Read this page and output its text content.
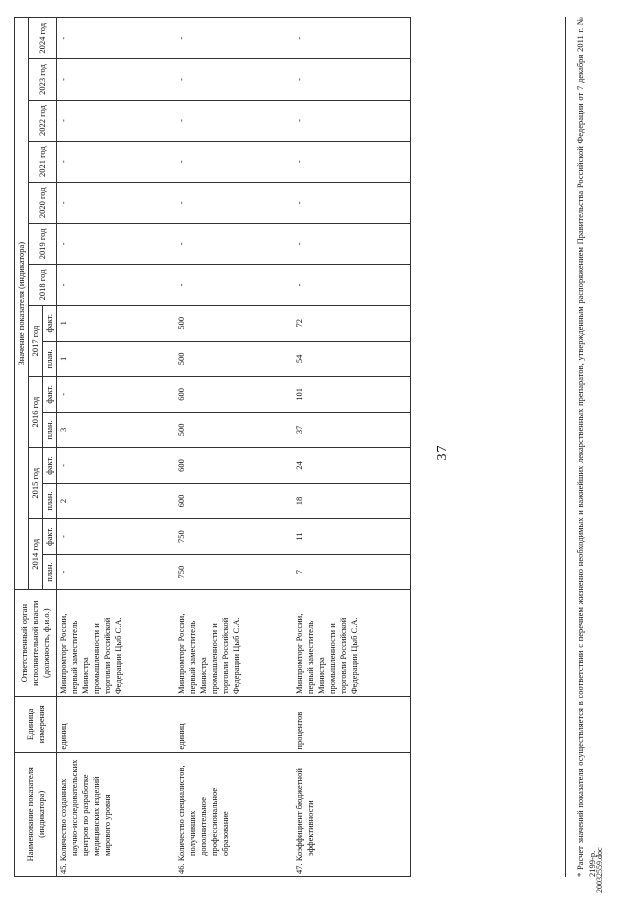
Наименование показателя (индикатора)	Единица измерения	Ответственный орган исполнительной власти (должность, ф.и.о.)	Значение показателя (индикатора)														
			2014 год		2015 год		2016 год		2017 год		2018 год	2019 год	2020 год	2021 год	2022 год	2023 год	2024 год
			план.	факт.	план.	факт.	план.	факт.	план.	факт.							

45. Количество созданных научно-исследовательских центров по разработке медицинских изделий мирового уровня	единиц	Минпромторг России, первый заместитель Министра промышленности и торговли Российской Федерации Цыб С.А.	-	-	2	-	3	-	1	1	-	-	-	-	-	-	-

46. Количество специалистов, получивших дополнительное профессиональное образование	единиц	Минпромторг России, первый заместитель Министра промышленности и торговли Российской Федерации Цыб С.А.	750	750	600	600	500	600	500	500	-	-	-	-	-	-	-

47. Коэффициент бюджетной эффективности	процентов	Минпромторг России, первый заместитель Министра промышленности и торговли Российской Федерации Цыб С.А.	7	11	18	24	37	101	54	72	-	-	-	-	-	-	-
37	* Расчет значений показателя осуществляется в соответствии с перечнем жизненно необходимых и важнейших лекарственных препаратов, утвержденным распоряжением Правительства Российской Федерации от 7 декабря 2011 г. № 2199-р.
20032559.doc
